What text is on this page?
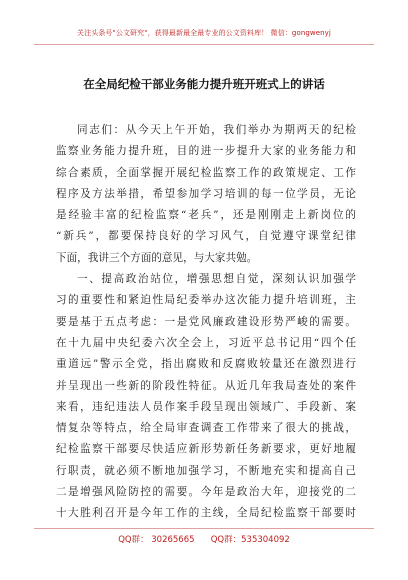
关注头条号"公文研究"，获得最新最全最专业的公文资料库！ 微信：gongwenyj
在全局纪检干部业务能力提升班开班式上的讲话
同志们：从今天上午开始，我们举办为期两天的纪检
监察业务能力提升班，目的进一步提升大家的业务能力和
综合素质，全面掌握开展纪检监察工作的政策规定、工作
程序及方法举措，希望参加学习培训的每一位学员，无论
是经验丰富的纪检监察“老兵”，还是刚刚走上新岗位的
“新兵”，都要保持良好的学习风气，自觉遵守课堂纪律
下面，我讲三个方面的意见，与大家共勉。
一、提高政治站位，增强思想自觉，深刻认识加强学
习的重要性和紧迫性局纪委举办这次能力提升培训班，主
要是基于五点考虑：一是党风廉政建设形势严峻的需要。
在十九届中央纪委六次全会上，习近平总书记用“四个任
重道远”警示全党，指出腐败和反腐败较量还在激烈进行
并呈现出一些新的阶段性特征。从近几年我局查处的案件
来看，违纪违法人员作案手段呈现出领域广、手段新、案
情复杂等特点，给全局审查调查工作带来了很大的挑战，
纪检监察干部要尽快适应新形势新任务新要求，更好地履
行职责，就必须不断地加强学习，不断地充实和提高自己
二是增强风险防控的需要。今年是政治大年，迎接党的二
十大胜利召开是今年工作的主线，全局纪检监察干部要时
QQ群： 30265665      QQ群：535304092
